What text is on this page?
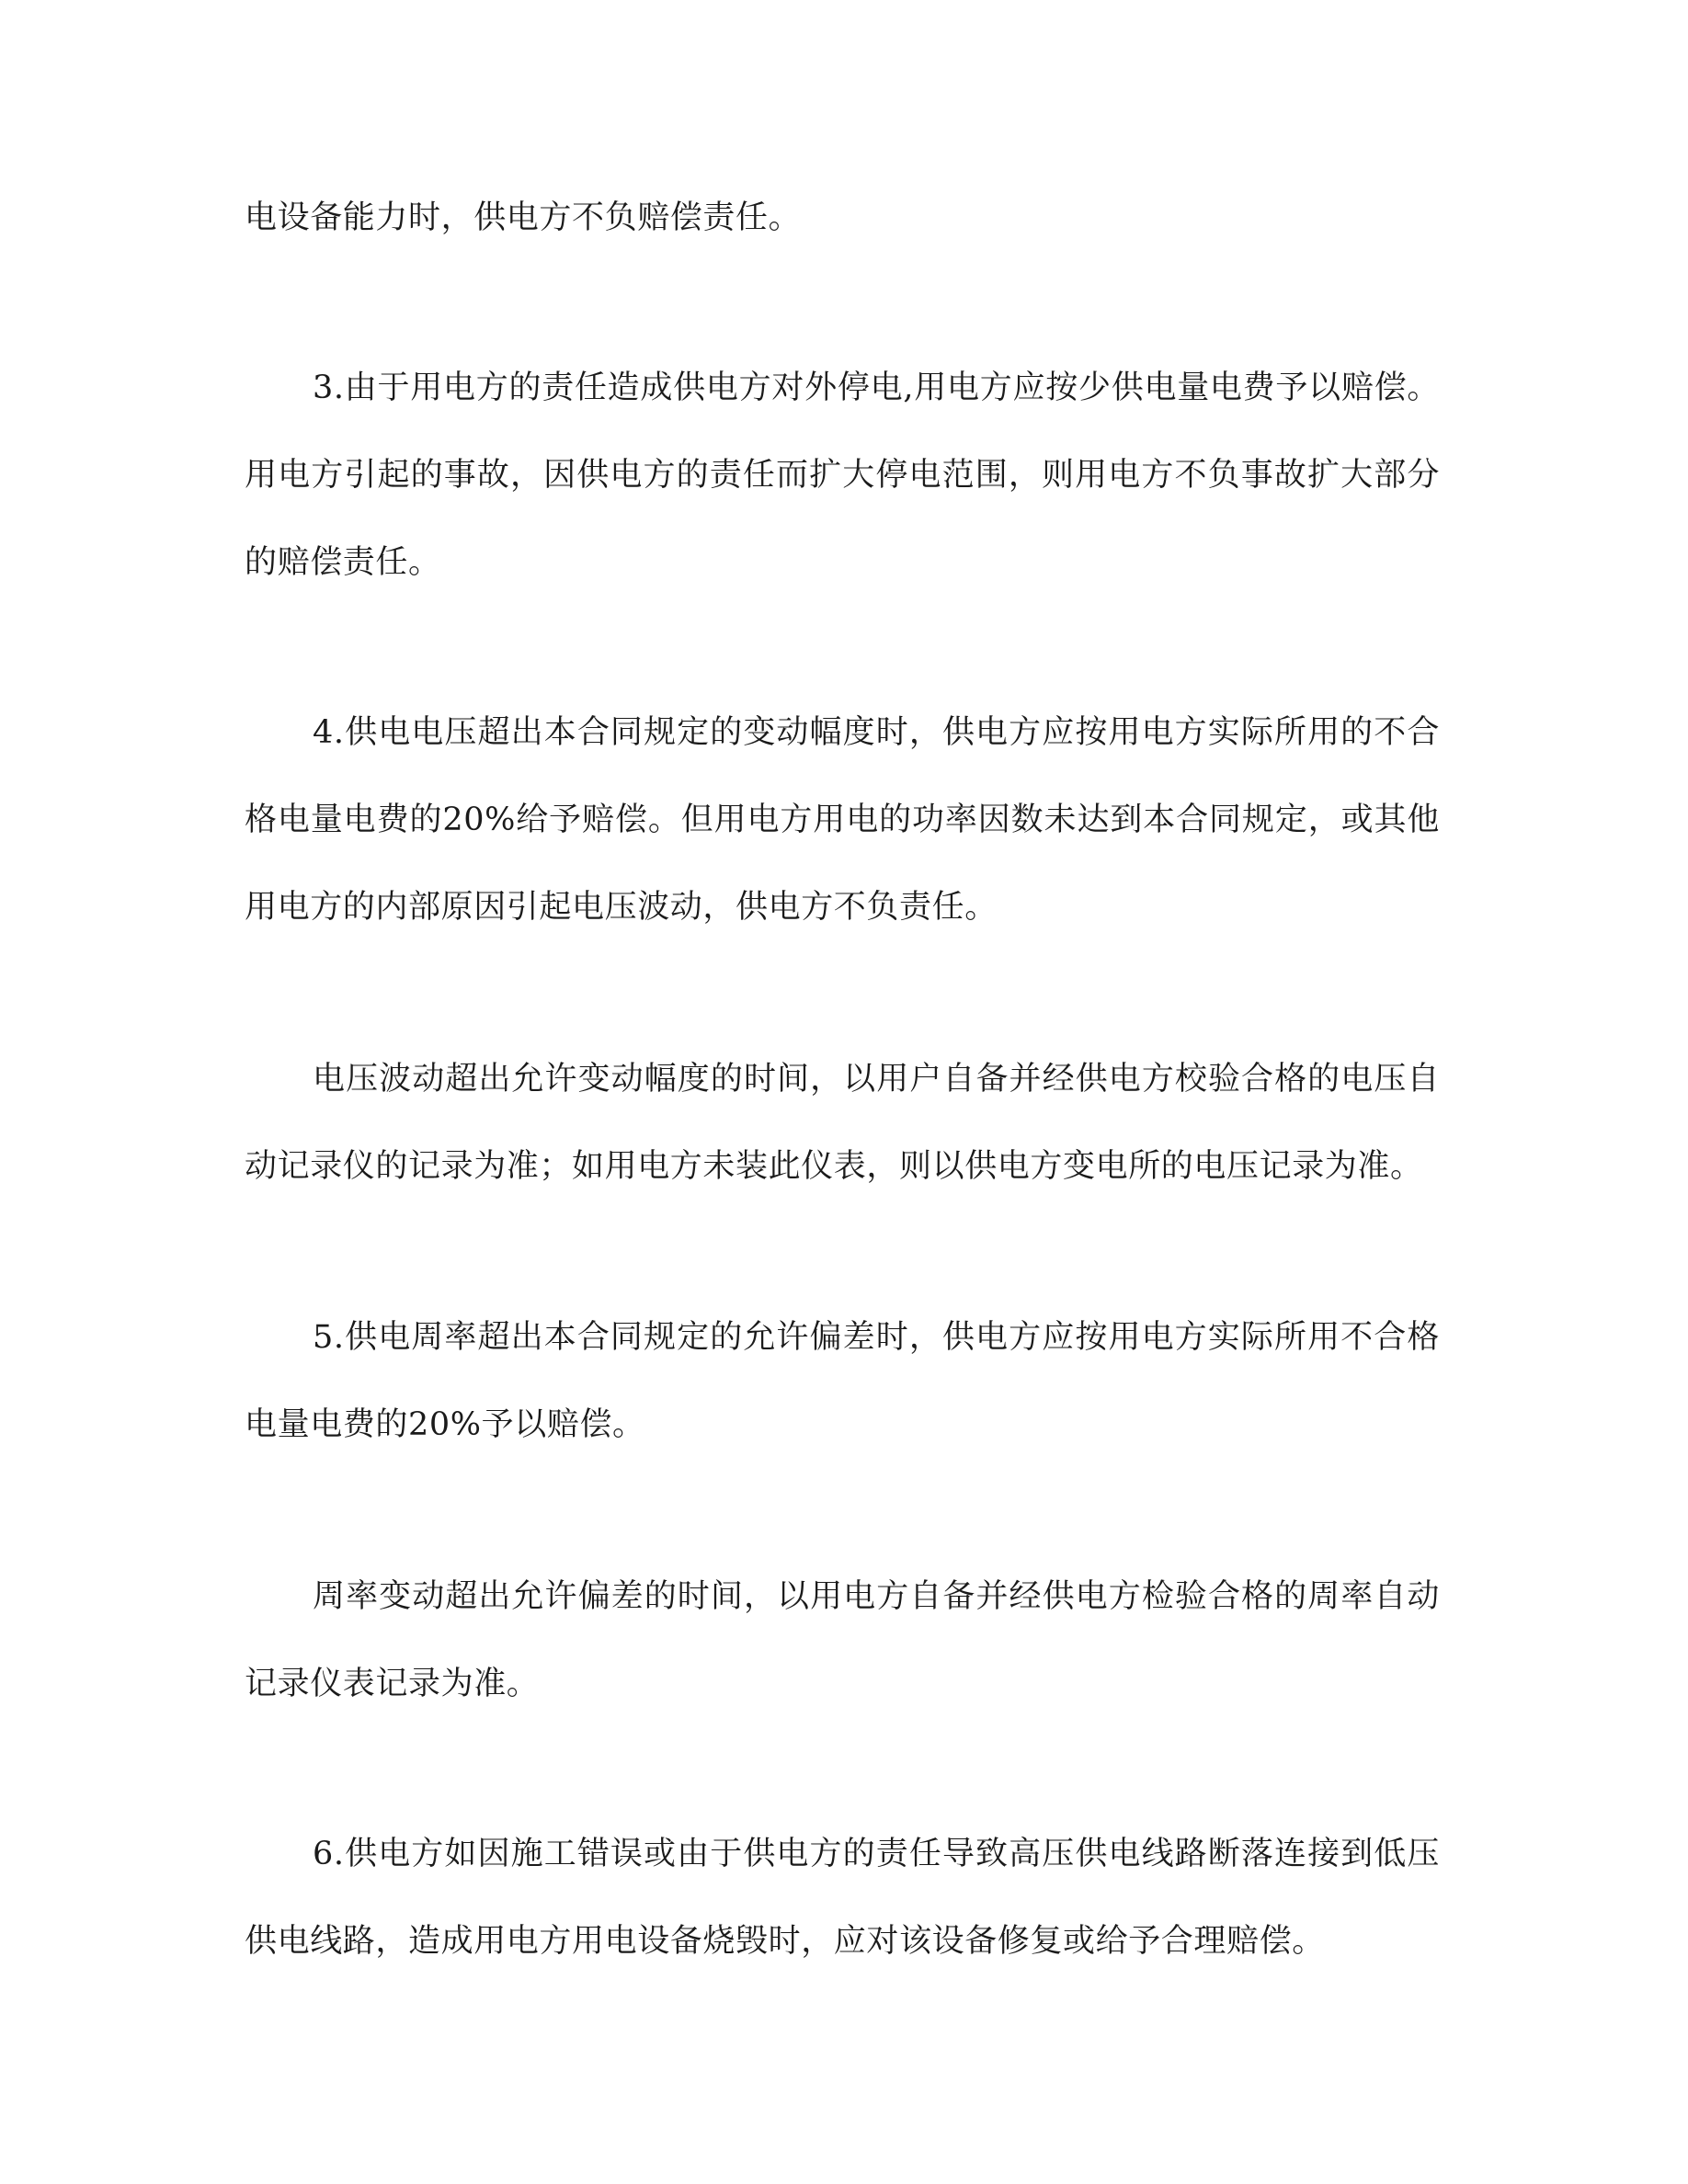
电设备能力时，供电方不负赔偿责任。

3.由于用电方的责任造成供电方对外停电,用电方应按少供电量电费予以赔偿。用电方引起的事故，因供电方的责任而扩大停电范围，则用电方不负事故扩大部分的赔偿责任。

4.供电电压超出本合同规定的变动幅度时，供电方应按用电方实际所用的不合格电量电费的20%给予赔偿。但用电方用电的功率因数未达到本合同规定，或其他用电方的内部原因引起电压波动，供电方不负责任。

电压波动超出允许变动幅度的时间，以用户自备并经供电方校验合格的电压自动记录仪的记录为准；如用电方未装此仪表，则以供电方变电所的电压记录为准。

5.供电周率超出本合同规定的允许偏差时，供电方应按用电方实际所用不合格电量电费的20%予以赔偿。

周率变动超出允许偏差的时间，以用电方自备并经供电方检验合格的周率自动记录仪表记录为准。

6.供电方如因施工错误或由于供电方的责任导致高压供电线路断落连接到低压供电线路，造成用电方用电设备烧毁时，应对该设备修复或给予合理赔偿。
